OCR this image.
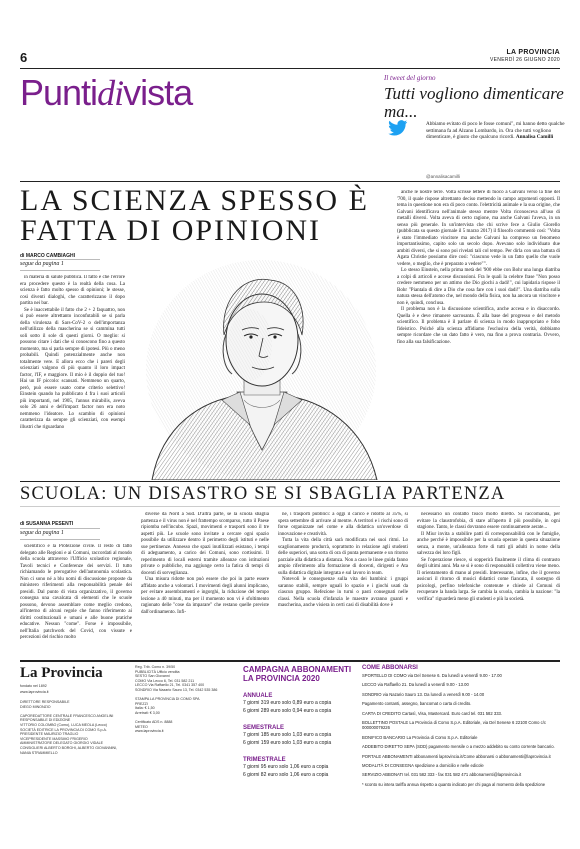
6	LA PROVINCIA
VENERDÌ 26 GIUGNO 2020
Puntidivista	Il tweet del giorno
Tutti vogliono dimenticare ma...
Abbiamo evitato di poco le fosse comuni", mi hanno detto qualche settimana fa ad Alzano Lombardo, in. Ora che tutti vogliono dimenticare, è giusto che qualcuno ricordi. Annalisa Camilli
@annalisacamilli
LA SCIENZA SPESSO È FATTA DI OPINIONI
di MARCO CAMBIAGHI
segue da pagina 1

in materia di salute pubblica. Il fatto è che l'errore era procedere questo è la realtà della cosa. La scienza è fatto molto spesso di opinioni; le stesse, così diventi dialoghi, che caratterizzano il dopo partita nei bar.

Se è inaccettabile il fatto che 2 + 2 faquattro, non si può essere altrettanto inconfutabili se si parla della virulenza di Sars-CoV-2 o dell'importanza nell'utilizzo della mascherina se si cammina tutti soli sotto il sole di questi giorni. O meglio: si possono citare i dati che si conoscono fino a questo momento, ma si parla sempre di ipotesi. Più o meno probabili. Quindi potenzialmente anche non totalmente vere. E allora ecco che i pareri degli scienziati valgono di più quanto il loro impact factor, l'IF, e maggiore. Il mio è il doppio del tuo! Hai un IF piccolo: scansati. Nemmeno un quarto, però, può essere usato come criterio selettivo! Einstein quando ha pubblicato 4 fra i suoi articoli più importanti, nel 1905, l'annus mirabilis, aveva solo 26 anni e dell'impact factor non era noto nemmeno l'ideatore. Lo scambio di opinioni caratterizza da sempre gli scienziati, con esempi illustri che riguardano

anche le nostre terre. Volta scrisse lettere di fuoco a Galvani verso la fine del '700, il quale rispose altrettanto deciso mettendo in campo argomenti opposti. Il tema in questione non era di poco conto. l'elettricità animale e la sua origine, che Galvani identificava nell'animale stesso mentre Volta riconosceva all'uso di metalli diversi. Volta aveva di certo ragione, ma anche Galvani l'aveva, in un senso più generale. In un'intervista che chi scrive fece a Giulio Giorello (pubblicata su questo giornale il 5 marzo 2017) il filosofo commentò così: "Volta è stato l'immediato vincitore ma anche Galvani ha compreso un fenomeno importantissimo, capito solo un secolo dopo. Avevano solo individuato due ambiti diversi, che si sono poi rivelati tali col tempo. Per dirla con una battuta di Agata Christie possiamo dire così: "ciascuno vede in un fatto quello che vuole vedere, o meglio, che è preparato a vedere"".

Lo stesso Einstein, nella prima metà del '900 ebbe con Bohr una lunga diatriba a colpi di articoli e accese discussioni. Fra le quali la celebre frase "Non posso credere nemmeno per un attimo che Dio giochi a dadi!", cui lapidaria rispose il Bohr "Piantala di dire a Dio che cosa fare con i suoi dadi!". Una diatriba sulla natura stessa dell'atomo che, nel mondo della fisica, non ha ancora un vincitore e non è, quindi, conclusa.

Il problema non è la discussione scientifica, anche accesa e in disaccordo. Quella è e deve rimanere sacrosanta. È alla base del progresso e del metodo scientifico. Il problema è il parlare di scienza in modo inappropriato e fobo fideistico. Poiché alla scienza affidiamo l'esclusiva della verità, dobbiamo sempre ricordare che un dato fatto è vero, ma fino a prova contraria. Ovvero, fino alla sua falsificazione.

SCUOLA: UN DISASTRO SE SI SBAGLIA PARTENZA
di SUSANNA PESENTI
segue da pagina 1

scientifico e la Protezione civile. Il resto di fatto delegato alle Regioni e ai Comuni, raccordati al mondo della scuola attraverso l'Ufficio scolastico regionale, Tavoli tecnici e Conferenze dei servizi. Il tutto richiamando le prerogative dell'autonomia scolastica. Non ci sono né a blu nomi di discussione proposte da ministero riferimenti alla responsabilità penale dei presidi. Dal punto di vista organizzativo, il governo consegna una cavalcata di elementi che le scuole possono, devono assemblare come meglio credono, all'interno di alcuni regole che fanno riferimento ai diritti costituzionali e umani e alle buone pratiche educative. Nessun "come". Forse è impossibile, nell'Italia patchwork del Covid, con vissute e percezioni del rischio molto

diverse da Nord a Sud. D'altra parte, se la scuola sbaglia partenza e il virus non è nel frattempo scomparso, tutto il Paese ripiomba nell'incubo. Spazi, movimenti e trasporti sono il tre aspetti più. Le scuole sono invitate a cercare ogni spazio possibile da utilizzare dentro il perimetro degli istituti e nelle sue pertinenze. Annesso che spazi inutilizzati esistano, i tempi di adeguamento, a carico dei Comuni, sono cortissimi. Il reperimento di locali esterni tramite alleanze con istituzioni private o pubbliche, ma aggiunge certo la fatica di tempi di docenti di sorveglianza.

Una misura ridotte non può essere che poi in parte essere affidato anche a volontari. I movimenti degli alunni implicano, per evitare assembramenti e ingorghi, la riduzione del tempo lezione a 40 minuti, ma per il momento non vi è sfoltimento ragionato delle "cose da imparare" che restano quelle previste dall'ordinamento. Infi-

ne, i trasporti pubblici: a oggi il carico è ridotto al 35%, si spera settembre di arrivare al mentre. A territori e i rischi sono di forse organizzate nel come e alla didattica un'overdose di innovazione e creatività.

Tutta la vita della città sarà modificata nei suoi ritmi. Lo scaglionamento produrrà, soprattutto in relazione agli studenti delle superiori, una sorta di ora di punta permanente e un ritorno parziale alla didattica a distanza. Non a caso le linee guida fanno ampio riferimento alla formazione di docenti, dirigenti e Ata sulla didattica digitale integrata e sul lavoro in team.

Notevoli le conseguenze sulla vita dei bambini: i gruppi saranno stabili, sempre uguali lo spazio e i giochi usati da ciascun gruppo. Refezione in turni o pasti consegnati nelle classi. Nella scuola d'infanzia le maestre avranno guanti e mascherina, anche visiera in certi casi di disabilità dove è

necessario un contatto fisico molto diretto. Si raccomanda, per evitare la claustrofobia, di stare all'aperto il più possibile, in ogni stagione. Tanto, le classi dovranno essere continuamente aerate...

Il Miur invita a stabilire patti di corresponsabilità con le famiglie, anche perché è impossibile per la scuola operare in questa situazione senza, a monte, un'alleanza forte di tutti gli adulti in nome della salvezza dei loro figli.

Se l'operazione riesce, si sopperirà finalmente il clima di contrasto degli ultimi anni. Ma se si è sono di responsabili collettiva viene meno. Il orientamento di mano al presidi. Interessante, infine, che il governo assicuri il ritorno di musici didattici come fiancata, il sostegno di psicologi, perfino telefoniche contenute e chiede al Comuni di recuperare la banda larga. Se cambia la scuola, cambia la nazione: "la verifica" riguarderà meno gli studenti e più la società.

La Provincia
fondato nel 1892
www.laprovincia.it
DIRETTORE RESPONSABILE
DIEGO MINONZIO

CAPOREDATTORE CENTRALE FRANCESCO ANGELINI
RESPONSABILE DI EDIZIONE
VITTORIO COLOMBO (Como), LUCA MEOLA (Lecco)
SOCIETÀ EDITRICE LA PROVINCIA DI COMO S.p.A.
PRESIDENTE MAURIZIO TRAGLIO
VICEPRESIDENTE MASSIMO FRIGERIO
AMMINISTRATORE DELEGATO GIORGIO VIDALE
CONSIGLIERI ALBERTO BORGHI, ALBERTO GIOVANNINI, NANIA STRAMMIELLO
Reg. Trib. Como n. 39/50
PUBBLICITÀ Ufficio vendita
SESTO San Giovanni
COMO Via Lecco 6, Tel. 031 582 211
LECCO Via Raffaello 21, Tel. 0341 357 400
SONDRIO Via Nazario Sauro 13, Tel. 0342 535 386

STAMPA LA PROVINCIA DI COMO SPA
PREZZI
Italia: € 1,50
Arretrati: € 3,00

Certificato ADS n. 8888
METEO
www.laprovincia.it
CAMPAGNA ABBONAMENTI LA PROVINCIA 2020
ANNUALE
7 giorni 319 euro solo 0,89 euro a copia
6 giorni 289 euro solo 0,94 euro a copia
SEMESTRALE
7 giorni 185 euro solo 1,03 euro a copia
6 giorni 159 euro solo 1,03 euro a copia
TRIMESTRALE
7 giorni 95 euro solo 1,06 euro a copia
6 giorni 82 euro solo 1,06 euro a copia
COME ABBONARSI
SPORTELLO DI COMO via Del Senese 6. Da lunedì a venerdì 9.00 - 17.00
LECCO via Raffaello 21. Da lunedì a venerdì 9.00 - 13.00
SONDRIO via Nazario Sauro 13. Da lunedì a venerdì 9.00 - 14.00
Pagamento contanti, assegno, bancomat o carta di credito.
CARTA DI CREDITO Cartasì, Visa, Mastercard. Euro card tel. 031 582 333.
BOLLETTINO POSTALE La Provincia di Como S.p.A. Editoriale, via Del Senese 6 22100 Como c/c 000000079226
BONIFICO BANCARIO La Provincia di Como S.p.A. Editoriale
ADDEBITO DIRETTO SEPA (SDD) pagamento mensile o a mezzo addebito su conto corrente bancario.
PORTALE ABBONAMENTI abbonamenti laprovincia.it/Come abbonarsi o abbonamenti@laprovincia.it
MODALITÀ DI CONSEGNA spedizione a domicilio e nelle edicole
SERVIZIO ABBONATI tel. 031 582 333 - fax 031 582 471 abbonamenti@laprovincia.it
* sconto su intera tariffa annua rispetto a quanto indicato per chi paga al momento della spedizione
